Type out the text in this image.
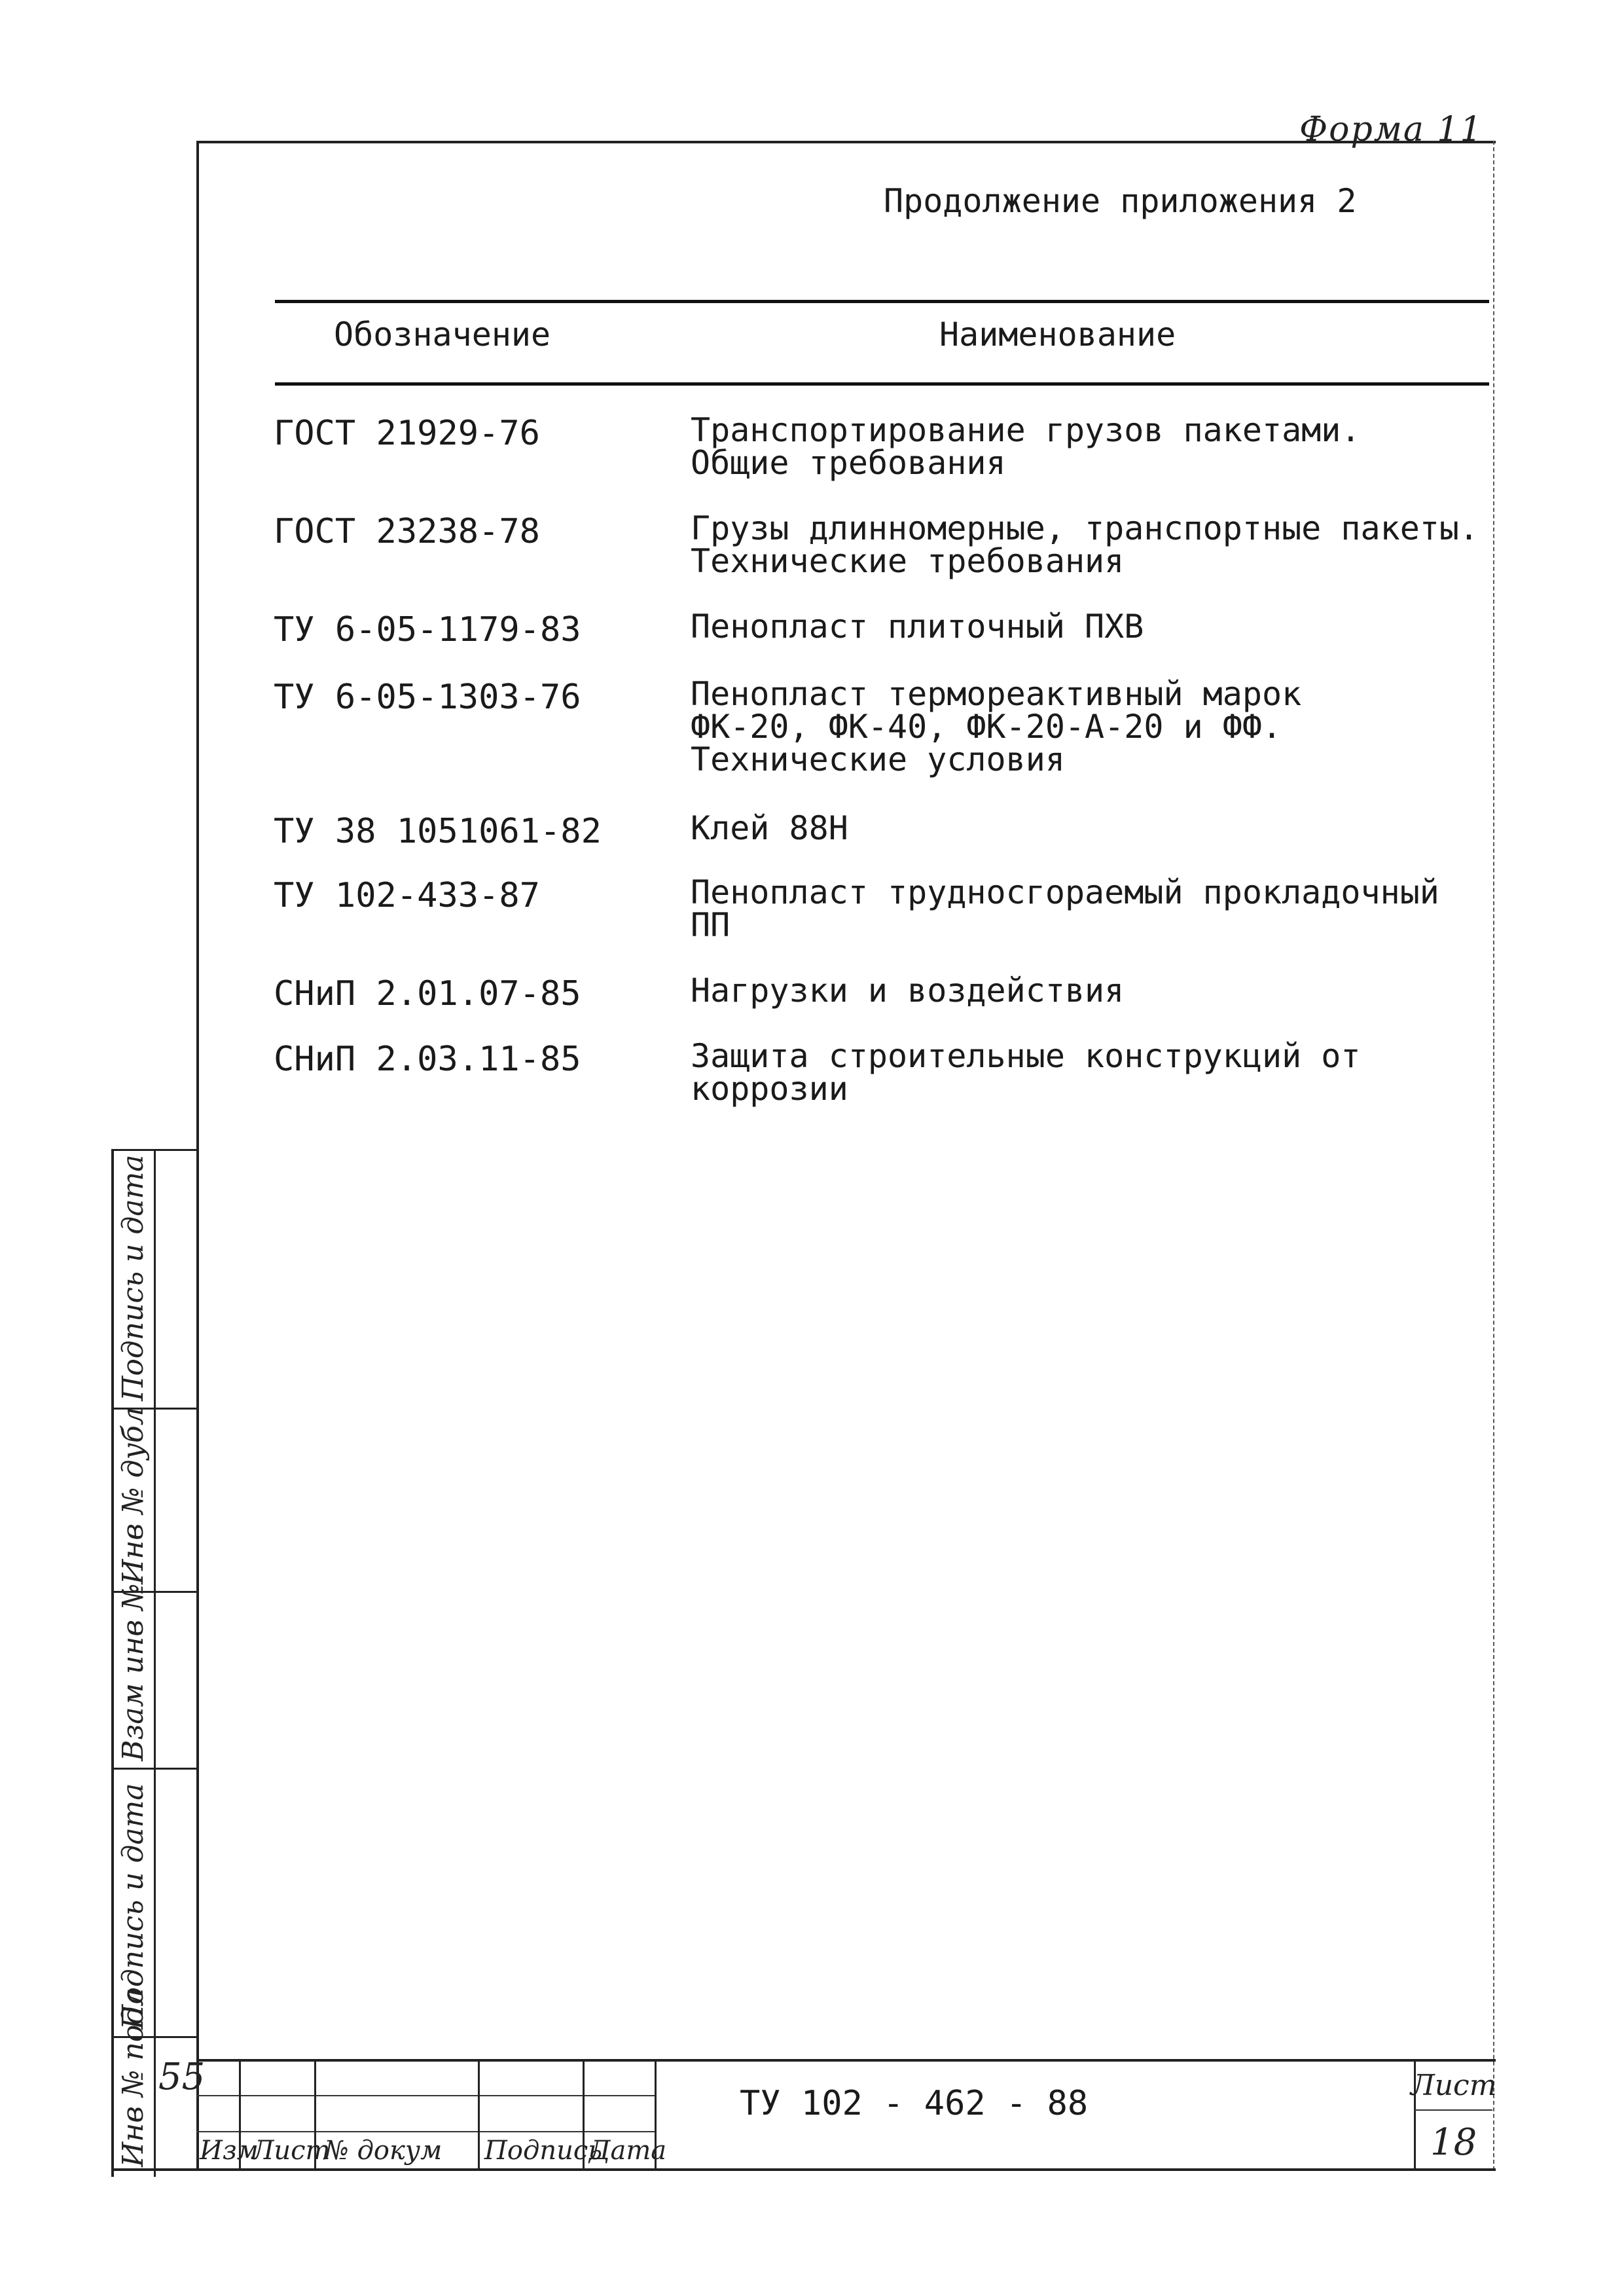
Форма 11
Продолжение приложения 2
Обозначение	Наименование
ГОСТ 21929-76	Транспортирование грузов пакетами.
Общие требования
ГОСТ 23238-78	Грузы длинномерные, транспортные пакеты.
Технические требования
ТУ 6-05-1179-83	Пенопласт плиточный ПХВ
ТУ 6-05-1303-76	Пенопласт термореактивный марок
ФК-20, ФК-40, ФК-20-А-20 и ФФ.
Технические условия
ТУ 38 1051061-82	Клей 88Н
ТУ 102-433-87	Пенопласт трудносгораемый прокладочный
ПП
СНиП 2.01.07-85	Нагрузки и воздействия
СНиП 2.03.11-85	Защита строительные конструкций от
коррозии
Подпись и дата
Инв № дубл
Взам инв №
Подпись и дата
Инв № подл 55
Изм
Лист
№ докум Подпись
Дата
ТУ 102 - 462 - 88	Лист
18
